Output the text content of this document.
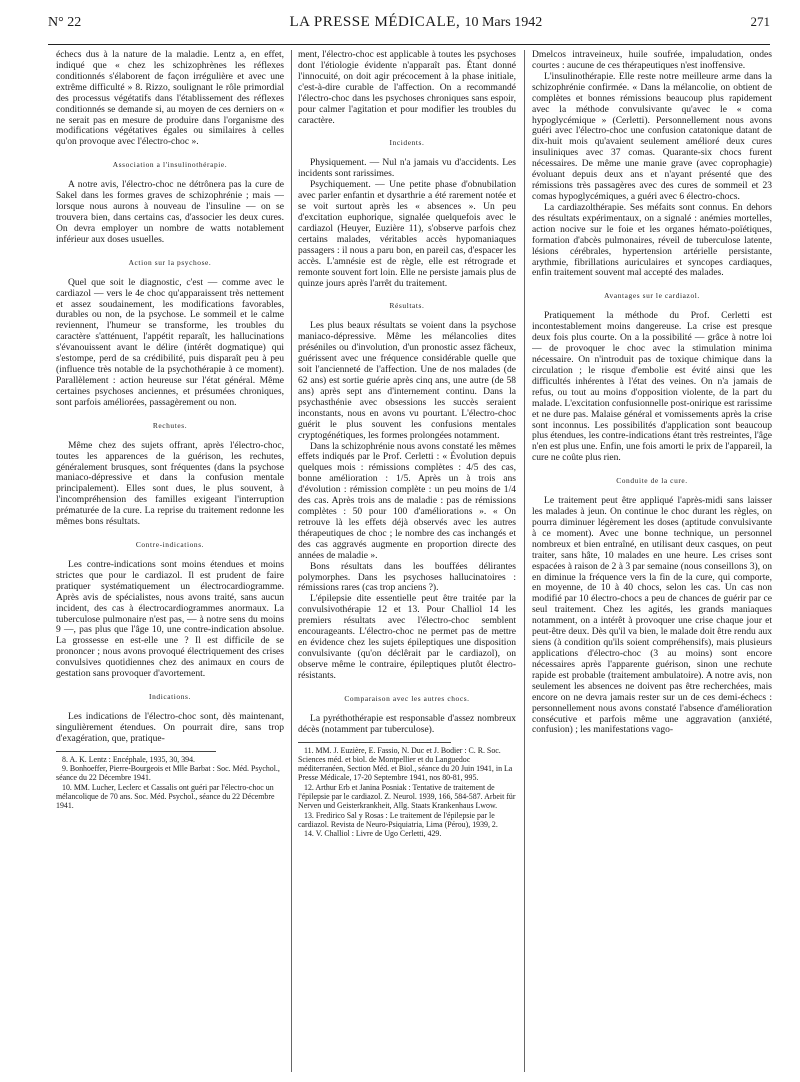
N° 22	LA PRESSE MÉDICALE, 10 Mars 1942	271

échecs dus à la nature de la maladie. Lentz a, en effet, indiqué que « chez les schizophrènes les réflexes conditionnés s'élaborent de façon irrégulière et avec une extrême difficulté » 8. Rizzo, soulignant le rôle primordial des processus végétatifs dans l'établissement des réflexes conditionnés se demande si, au moyen de ces derniers on « ne serait pas en mesure de produire dans l'organisme des modifications végétatives égales ou similaires à celles qu'on provoque avec l'électro-choc ».

Association a l'insulinothérapie.

A notre avis, l'électro-choc ne détrônera pas la cure de Sakel dans les formes graves de schizophrénie ; mais — lorsque nous aurons à nouveau de l'insuline — on se trouvera bien, dans certains cas, d'associer les deux cures. On devra employer un nombre de watts notablement inférieur aux doses usuelles.

Action sur la psychose.

Quel que soit le diagnostic, c'est — comme avec le cardiazol — vers le 4e choc qu'apparaissent très nettement et assez soudainement, les modifications favorables, durables ou non, de la psychose. Le sommeil et le calme reviennent, l'humeur se transforme, les troubles du caractère s'atténuent, l'appétit reparaît, les hallucinations s'évanouissent avant le délire (intérêt dogmatique) qui s'estompe, perd de sa crédibilité, puis disparaît peu à peu (influence très notable de la psychothérapie à ce moment). Parallèlement : action heureuse sur l'état général. Même certaines psychoses anciennes, et présumées chroniques, sont parfois améliorées, passagèrement ou non.

Rechutes.

Même chez des sujets offrant, après l'électro-choc, toutes les apparences de la guérison, les rechutes, généralement brusques, sont fréquentes (dans la psychose maniaco-dépressive et dans la confusion mentale principalement). Elles sont dues, le plus souvent, à l'incompréhension des familles exigeant l'interruption prématurée de la cure. La reprise du traitement redonne les mêmes bons résultats.

Contre-indications.

Les contre-indications sont moins étendues et moins strictes que pour le cardiazol. Il est prudent de faire pratiquer systématiquement un électrocardiogramme. Après avis de spécialistes, nous avons traité, sans aucun incident, des cas à électrocardiogrammes anormaux. La tuberculose pulmonaire n'est pas, — à notre sens du moins 9 —, pas plus que l'âge 10, une contre-indication absolue. La grossesse en est-elle une ? Il est difficile de se prononcer ; nous avons provoqué électriquement des crises convulsives quotidiennes chez des animaux en cours de gestation sans provoquer d'avortement.

Indications.

Les indications de l'électro-choc sont, dès maintenant, singulièrement étendues. On pourrait dire, sans trop d'exagération, que, pratique-

8. A. K. Lentz : Encéphale, 1935, 30, 394.

9. Bonhoeffer, Pierre-Bourgeois et Mlle Barbat : Soc. Méd. Psychol., séance du 22 Décembre 1941.

10. MM. Lucher, Leclerc et Cassalis ont guéri par l'électro-choc un mélancolique de 70 ans. Soc. Méd. Psychol., séance du 22 Décembre 1941.

ment, l'électro-choc est applicable à toutes les psychoses dont l'étiologie évidente n'apparaît pas. Étant donné l'innocuité, on doit agir précocement à la phase initiale, c'est-à-dire curable de l'affection. On a recommandé l'électro-choc dans les psychoses chroniques sans espoir, pour calmer l'agitation et pour modifier les troubles du caractère.

Incidents.

Physiquement. — Nul n'a jamais vu d'accidents. Les incidents sont rarissimes.

Psychiquement. — Une petite phase d'obnubilation avec parler enfantin et dysarthrie a été rarement notée et se voit surtout après les « absences ». Un peu d'excitation euphorique, signalée quelquefois avec le cardiazol (Heuyer, Euzière 11), s'observe parfois chez certains malades, véritables accès hypomaniaques passagers : il nous a paru bon, en pareil cas, d'espacer les accès. L'amnésie est de règle, elle est rétrograde et remonte souvent fort loin. Elle ne persiste jamais plus de quinze jours après l'arrêt du traitement.

Résultats.

Les plus beaux résultats se voient dans la psychose maniaco-dépressive. Même les mélancolies dites préséniles ou d'involution, d'un pronostic assez fâcheux, guérissent avec une fréquence considérable quelle que soit l'ancienneté de l'affection. Une de nos malades (de 62 ans) est sortie guérie après cinq ans, une autre (de 58 ans) après sept ans d'internement continu. Dans la psychasthénie avec obsessions les succès seraient inconstants, nous en avons vu pourtant. L'électro-choc guérit le plus souvent les confusions mentales cryptogénétiques, les formes prolongées notamment.

Dans la schizophrénie nous avons constaté les mêmes effets indiqués par le Prof. Cerletti : « Évolution depuis quelques mois : rémissions complètes : 4/5 des cas, bonne amélioration : 1/5. Après un à trois ans d'évolution : rémission complète : un peu moins de 1/4 des cas. Après trois ans de maladie : pas de rémissions complètes : 50 pour 100 d'améliorations ». « On retrouve là les effets déjà observés avec les autres thérapeutiques de choc ; le nombre des cas inchangés et des cas aggravés augmente en proportion directe des années de maladie ».

Bons résultats dans les bouffées délirantes polymorphes. Dans les psychoses hallucinatoires : rémissions rares (cas trop anciens ?).

L'épilepsie dite essentielle peut être traitée par la convulsivothérapie 12 et 13. Pour Challiol 14 les premiers résultats avec l'électro-choc semblent encourageants. L'électro-choc ne permet pas de mettre en évidence chez les sujets épileptiques une disposition convulsivante (qu'on déclêrait par le cardiazol), on observe même le contraire, épileptiques plutôt électro-résistants.

Comparaison avec les autres chocs.

La pyréthothérapie est responsable d'assez nombreux décès (notamment par tuberculose).

11. MM. J. Euzière, E. Fassio, N. Duc et J. Bodier : C. R. Soc. Sciences méd. et biol. de Montpellier et du Languedoc méditerranéen, Section Méd. et Biol., séance du 20 Juin 1941, in La Presse Médicale, 17-20 Septembre 1941, nos 80-81, 995.

12. Arthur Erb et Janina Posniak : Tentative de traitement de l'épilepsie par le cardiazol. Z. Neurol. 1939, 166, 584-587. Arbeit für Nerven und Geisterkrankheit, Allg. Staats Krankenhaus Lwow.

13. Fredirico Sal y Rosas : Le traitement de l'épilepsie par le cardiazol. Revista de Neuro-Psiquiatria, Lima (Pérou), 1939, 2.

14. V. Challiol : Livre de Ugo Cerletti, 429.

Dmelcos intraveineux, huile soufrée, impaludation, ondes courtes : aucune de ces thérapeutiques n'est inoffensive.

L'insulinothérapie. Elle reste notre meilleure arme dans la schizophrénie confirmée. « Dans la mélancolie, on obtient de complètes et bonnes rémissions beaucoup plus rapidement avec la méthode convulsivante qu'avec le « coma hypoglycémique » (Cerletti). Personnellement nous avons guéri avec l'électro-choc une confusion catatonique datant de dix-huit mois qu'avaient seulement amélioré deux cures insuliniques avec 37 comas. Quarante-six chocs furent nécessaires. De même une manie grave (avec coprophagie) évoluant depuis deux ans et n'ayant présenté que des rémissions très passagères avec des cures de sommeil et 23 comas hypoglycémiques, a guéri avec 6 électro-chocs.

La cardiazolthérapie. Ses méfaits sont connus. En dehors des résultats expérimentaux, on a signalé : anémies mortelles, action nocive sur le foie et les organes hémato-poïétiques, formation d'abcès pulmonaires, réveil de tuberculose latente, lésions cérébrales, hypertension artérielle persistante, arythmie, fibrillations auriculaires et syncopes cardiaques, enfin traitement souvent mal accepté des malades.

Avantages sur le cardiazol.

Pratiquement la méthode du Prof. Cerletti est incontestablement moins dangereuse. La crise est presque deux fois plus courte. On a la possibilité — grâce à notre loi — de provoquer le choc avec la stimulation minima nécessaire. On n'introduit pas de toxique chimique dans la circulation ; le risque d'embolie est évité ainsi que les difficultés inhérentes à l'état des veines. On n'a jamais de refus, ou tout au moins d'opposition violente, de la part du malade. L'excitation confusionnelle post-onirique est rarissime et ne dure pas. Malaise général et vomissements après la crise sont inconnus. Les possibilités d'application sont beaucoup plus étendues, les contre-indications étant très restreintes, l'âge n'en est plus une. Enfin, une fois amorti le prix de l'appareil, la cure ne coûte plus rien.

Conduite de la cure.

Le traitement peut être appliqué l'après-midi sans laisser les malades à jeun. On continue le choc durant les règles, on pourra diminuer légèrement les doses (aptitude convulsivante à ce moment). Avec une bonne technique, un personnel nombreux et bien entraîné, en utilisant deux casques, on peut traiter, sans hâte, 10 malades en une heure. Les crises sont espacées à raison de 2 à 3 par semaine (nous conseillons 3), on en diminue la fréquence vers la fin de la cure, qui comporte, en moyenne, de 10 à 40 chocs, selon les cas. Un cas non modifié par 10 électro-chocs a peu de chances de guérir par ce seul traitement. Chez les agités, les grands maniaques notamment, on a intérêt à provoquer une crise chaque jour et peut-être deux. Dès qu'il va bien, le malade doit être rendu aux siens (à condition qu'ils soient compréhensifs), mais plusieurs applications d'électro-choc (3 au moins) sont encore nécessaires après l'apparente guérison, sinon une rechute rapide est probable (traitement ambulatoire). A notre avis, non seulement les absences ne doivent pas être recherchées, mais encore on ne devra jamais rester sur un de ces demi-échecs : personnellement nous avons constaté l'absence d'amélioration consécutive et parfois même une aggravation (anxiété, confusion) ; les manifestations vago-
